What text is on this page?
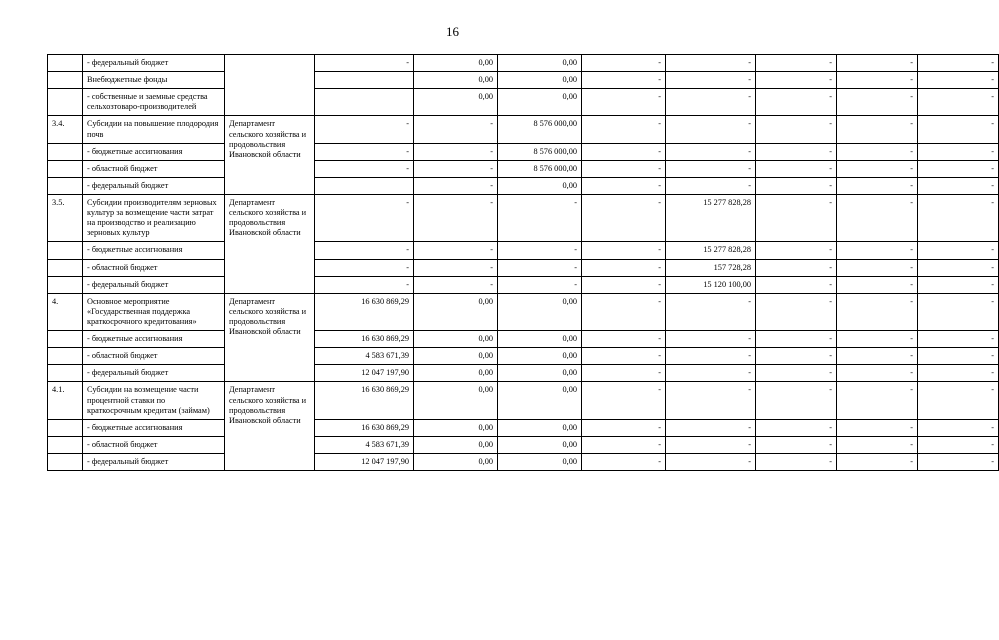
16
	- федеральный бюджет		-	0,00	0,00	-	-	-	-	-
	Внебюджетные фонды			0,00	0,00	-	-	-	-	-
	- собственные и заемные средства сельхозтоваро-производителей			0,00	0,00	-	-	-	-	-
3.4.	Субсидии на повышение плодородия почв	Департамент сельского хозяйства и продовольствия Ивановской области	-	-	8 576 000,00	-	-	-	-	-
	- бюджетные ассигнования		-	-	8 576 000,00	-	-	-	-	-
	- областной бюджет		-	-	8 576 000,00	-	-	-	-	-
	- федеральный бюджет			-	0,00	-	-	-	-	-
3.5.	Субсидии производителям зерновых культур за возмещение части затрат на производство и реализацию зерновых культур	Департамент сельского хозяйства и продовольствия Ивановской области	-	-	-	-	15 277 828,28	-	-	-
	- бюджетные ассигнования		-	-	-	-	15 277 828,28	-	-	-
	- областной бюджет		-	-	-	-	157 728,28	-	-	-
	- федеральный бюджет		-	-	-	-	15 120 100,00	-	-	-
4.	Основное мероприятие «Государственная поддержка краткосрочного кредитования»	Департамент сельского хозяйства и продовольствия Ивановской области	16 630 869,29	0,00	0,00	-	-	-	-	-
	- бюджетные ассигнования		16 630 869,29	0,00	0,00	-	-	-	-	-
	- областной бюджет		4 583 671,39	0,00	0,00	-	-	-	-	-
	- федеральный бюджет		12 047 197,90	0,00	0,00	-	-	-	-	-
4.1.	Субсидии на возмещение части процентной ставки по краткосрочным кредитам (займам)	Департамент сельского хозяйства и продовольствия Ивановской области	16 630 869,29	0,00	0,00	-	-	-	-	-
	- бюджетные ассигнования		16 630 869,29	0,00	0,00	-	-	-	-	-
	- областной бюджет		4 583 671,39	0,00	0,00	-	-	-	-	-
	- федеральный бюджет		12 047 197,90	0,00	0,00	-	-	-	-	-
